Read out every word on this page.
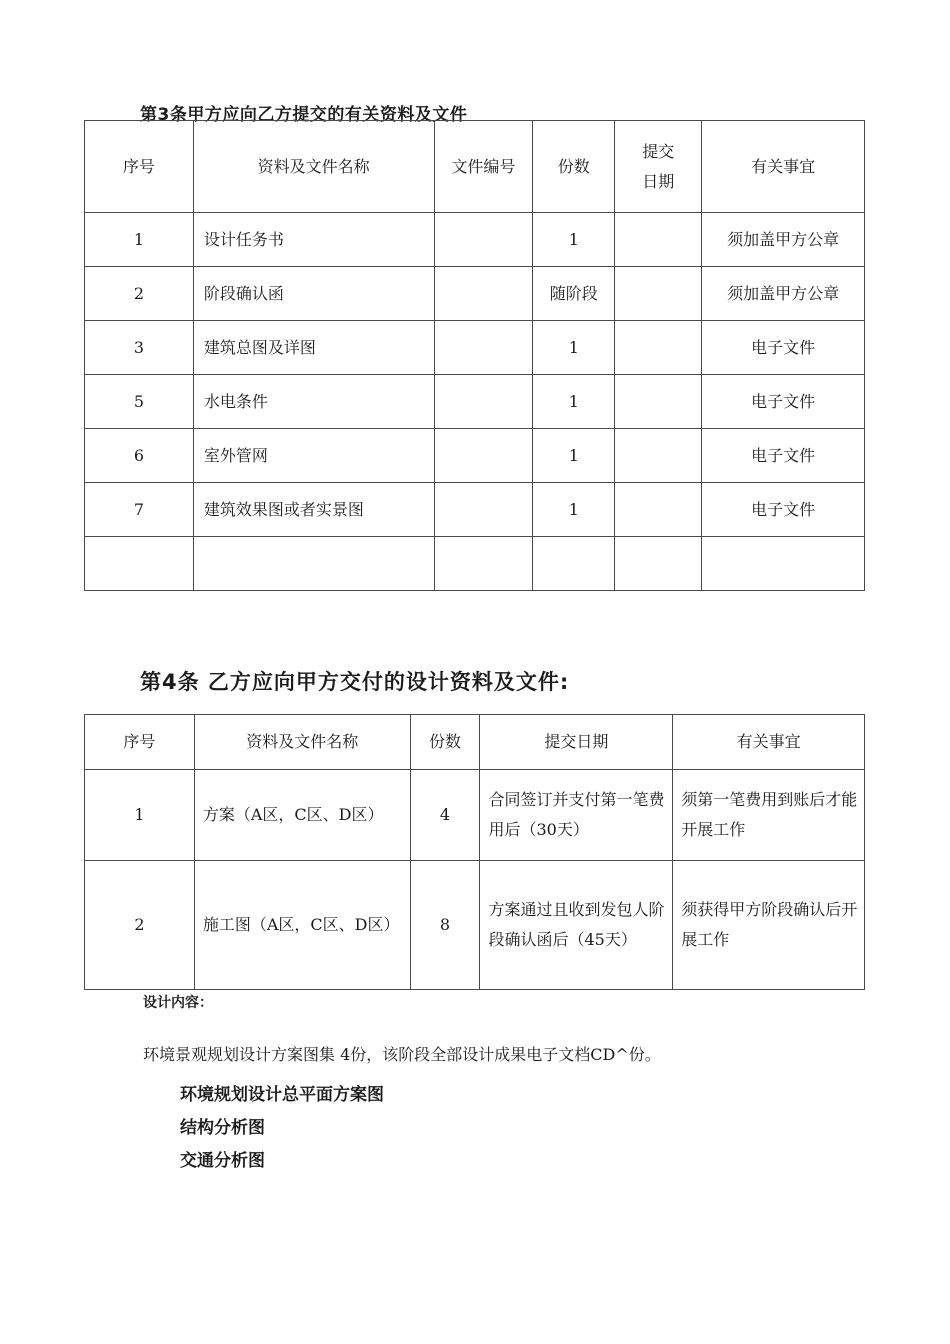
第3条甲方应向乙方提交的有关资料及文件
序号	资料及文件名称	文件编号	份数	提交日期	有关事宜
1	设计任务书		1		须加盖甲方公章
2	阶段确认函		随阶段		须加盖甲方公章
3	建筑总图及详图		1		电子文件
5	水电条件		1		电子文件
6	室外管网		1		电子文件
7	建筑效果图或者实景图		1		电子文件

第4条 乙方应向甲方交付的设计资料及文件:
序号	资料及文件名称	份数	提交日期	有关事宜
1	方案（A区，C区、D区）	4	合同签订并支付第一笔费用后（30天）	须第一笔费用到账后才能开展工作
2	施工图（A区，C区、D区）	8	方案通过且收到发包人阶段确认函后（45天）	须获得甲方阶段确认后开展工作
设计内容：
环境景观规划设计方案图集 4份，该阶段全部设计成果电子文档CD^份。
环境规划设计总平面方案图
结构分析图
交通分析图
